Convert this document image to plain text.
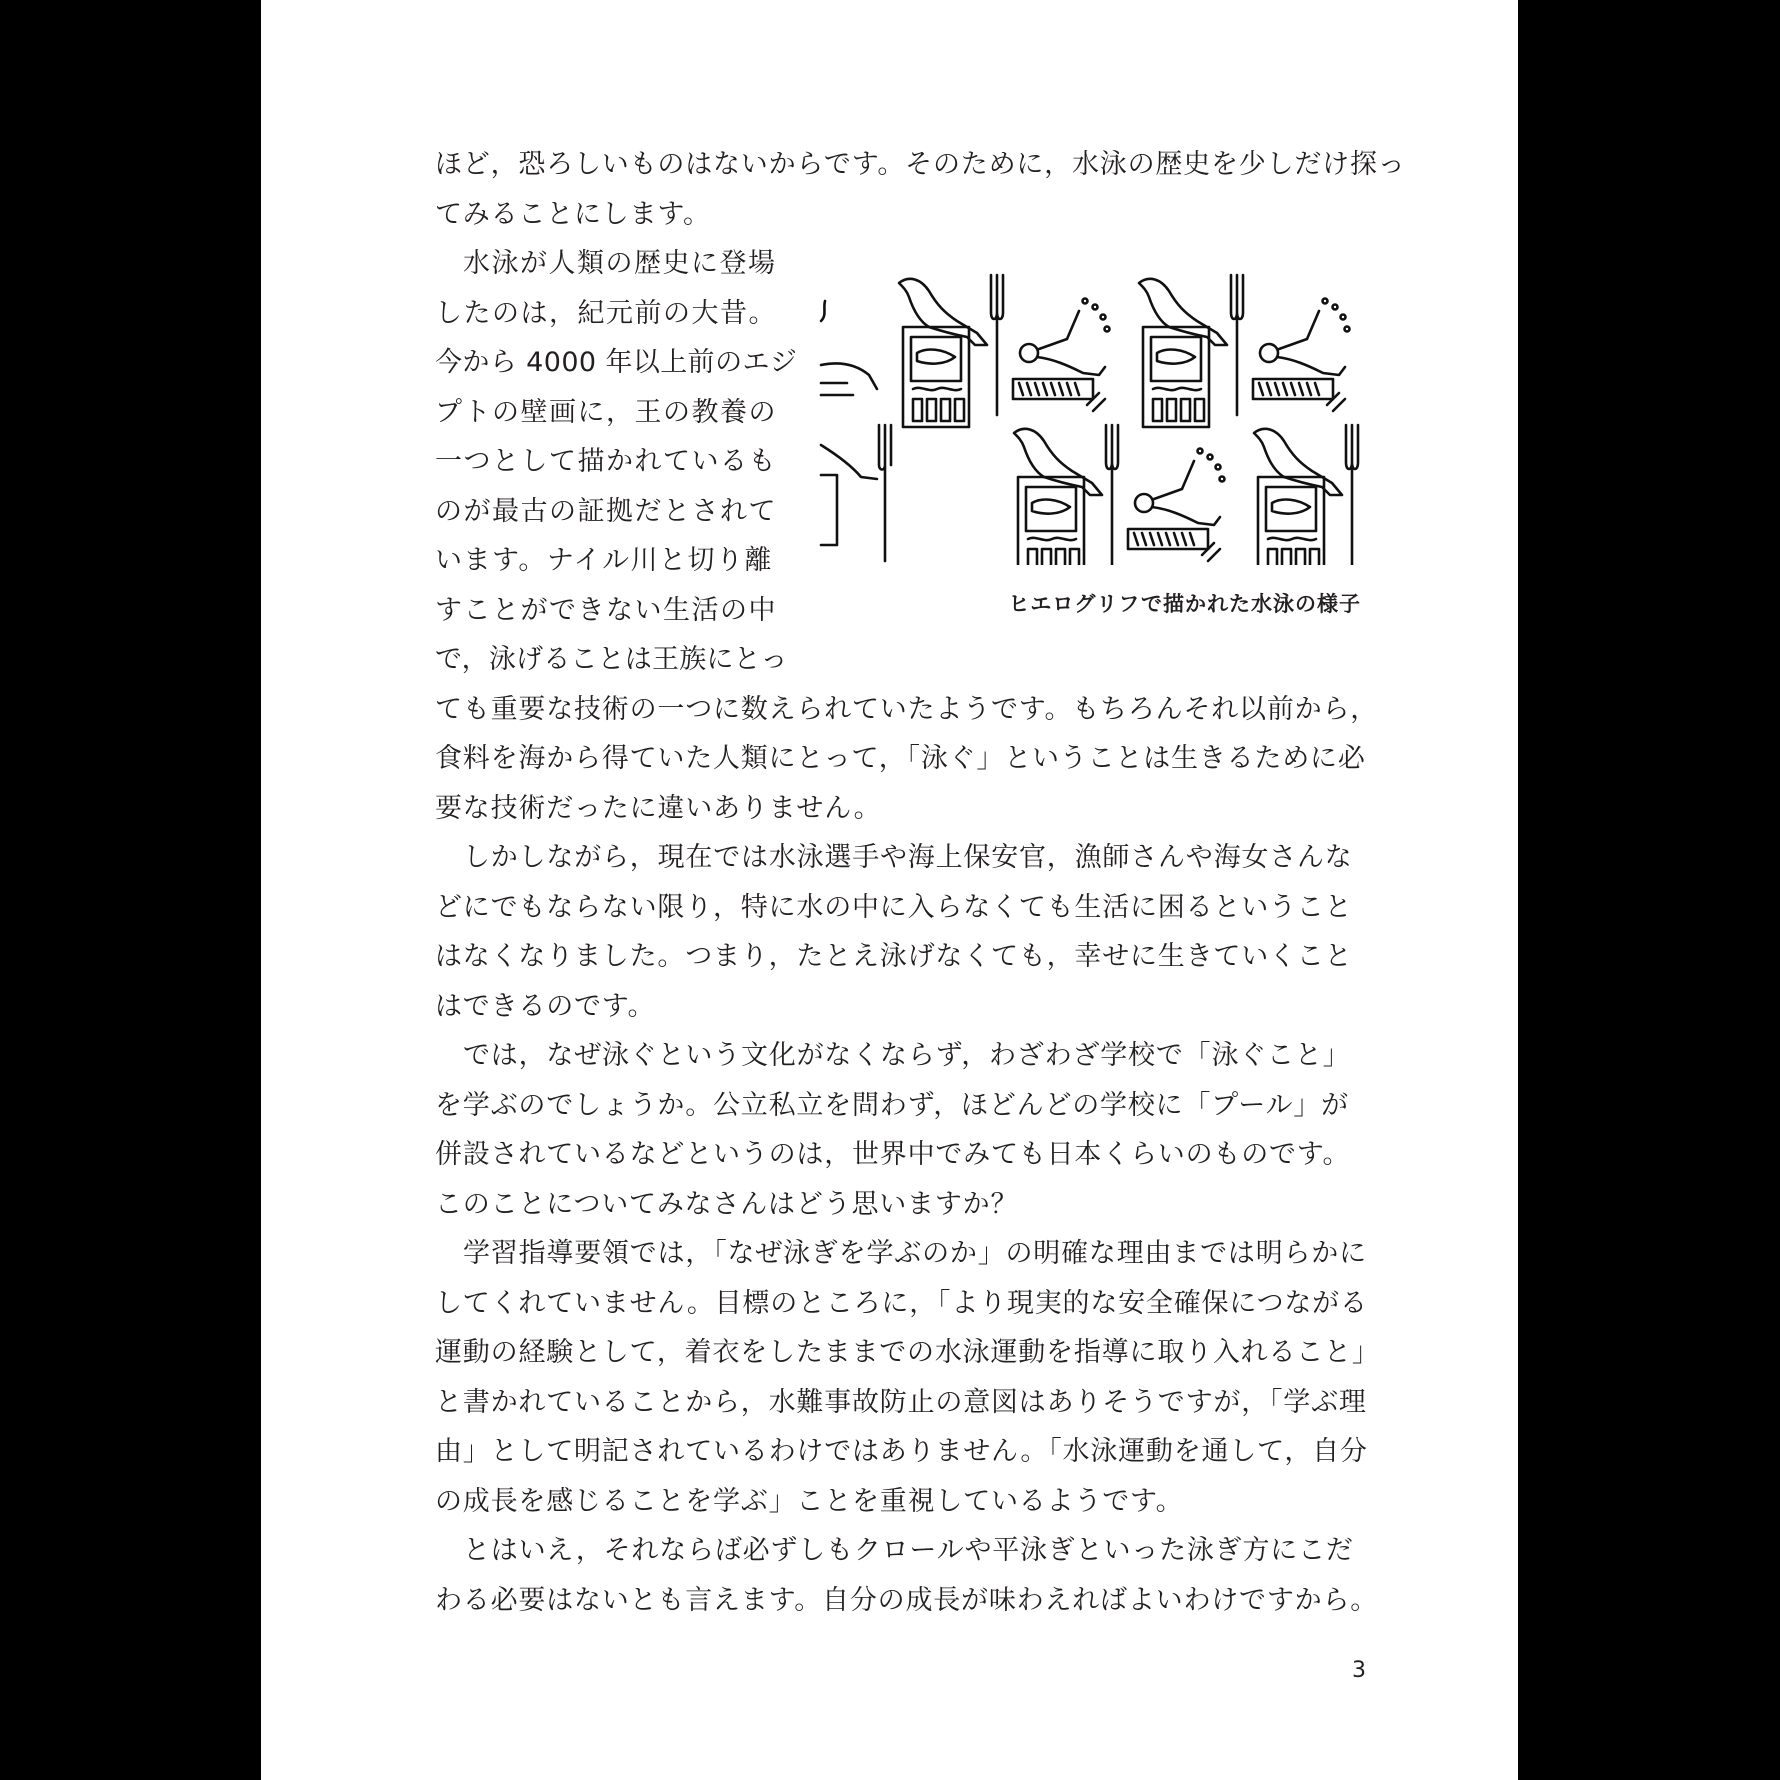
ほど，恐ろしいものはないからです。そのために，水泳の歴史を少しだけ探っ
てみることにします。
水泳が人類の歴史に登場
したのは，紀元前の大昔。
今から 4000 年以上前のエジ
プトの壁画に，王の教養の
一つとして描かれているも
のが最古の証拠だとされて
います。ナイル川と切り離
すことができない生活の中
で，泳げることは王族にとっ
ても重要な技術の一つに数えられていたようです。もちろんそれ以前から，
食料を海から得ていた人類にとって，「泳ぐ」ということは生きるために必
要な技術だったに違いありません。
しかしながら，現在では水泳選手や海上保安官，漁師さんや海女さんな
どにでもならない限り，特に水の中に入らなくても生活に困るということ
はなくなりました。つまり，たとえ泳げなくても，幸せに生きていくこと
はできるのです。
では，なぜ泳ぐという文化がなくならず，わざわざ学校で「泳ぐこと」
を学ぶのでしょうか。公立私立を問わず，ほどんどの学校に「プール」が
併設されているなどというのは，世界中でみても日本くらいのものです。
このことについてみなさんはどう思いますか？
学習指導要領では，「なぜ泳ぎを学ぶのか」の明確な理由までは明らかに
してくれていません。目標のところに，「より現実的な安全確保につながる
運動の経験として，着衣をしたままでの水泳運動を指導に取り入れること」
と書かれていることから，水難事故防止の意図はありそうですが，「学ぶ理
由」として明記されているわけではありません。「水泳運動を通して，自分
の成長を感じることを学ぶ」ことを重視しているようです。
とはいえ，それならば必ずしもクロールや平泳ぎといった泳ぎ方にこだ
わる必要はないとも言えます。自分の成長が味わえればよいわけですから。
ヒエログリフで描かれた水泳の様子
3
